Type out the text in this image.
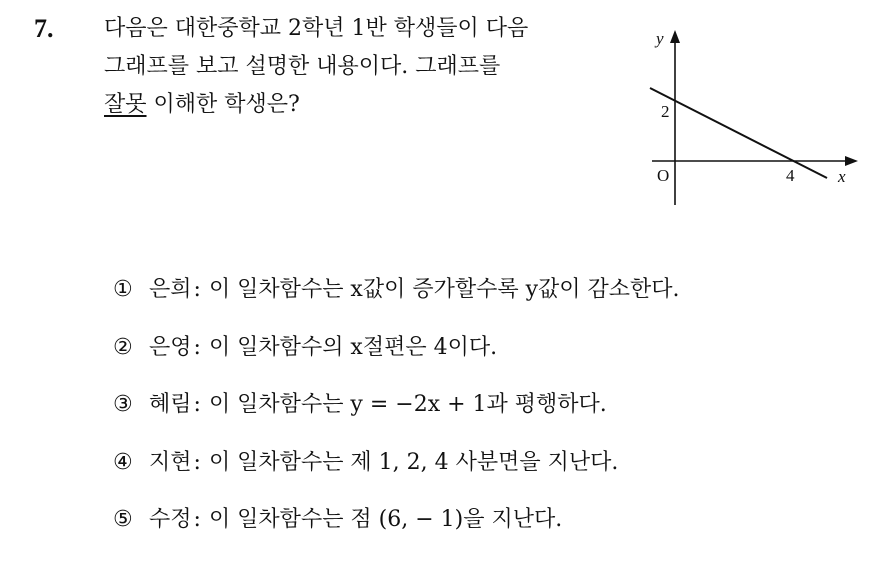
7. 다음은 대한중학교 2학년 1반 학생들이 다음
그래프를 보고 설명한 내용이다. 그래프를
잘못 이해한 학생은?
y
x
O
2
4
① 은희 : 이 일차함수는 x값이 증가할수록 y값이 감소한다.
② 은영 : 이 일차함수의 x절편은 4이다.
③ 혜림 : 이 일차함수는 y = −2x + 1과 평행하다.
④ 지현 : 이 일차함수는 제 1, 2, 4 사분면을 지난다.
⑤ 수정 : 이 일차함수는 점 (6, − 1)을 지난다.
